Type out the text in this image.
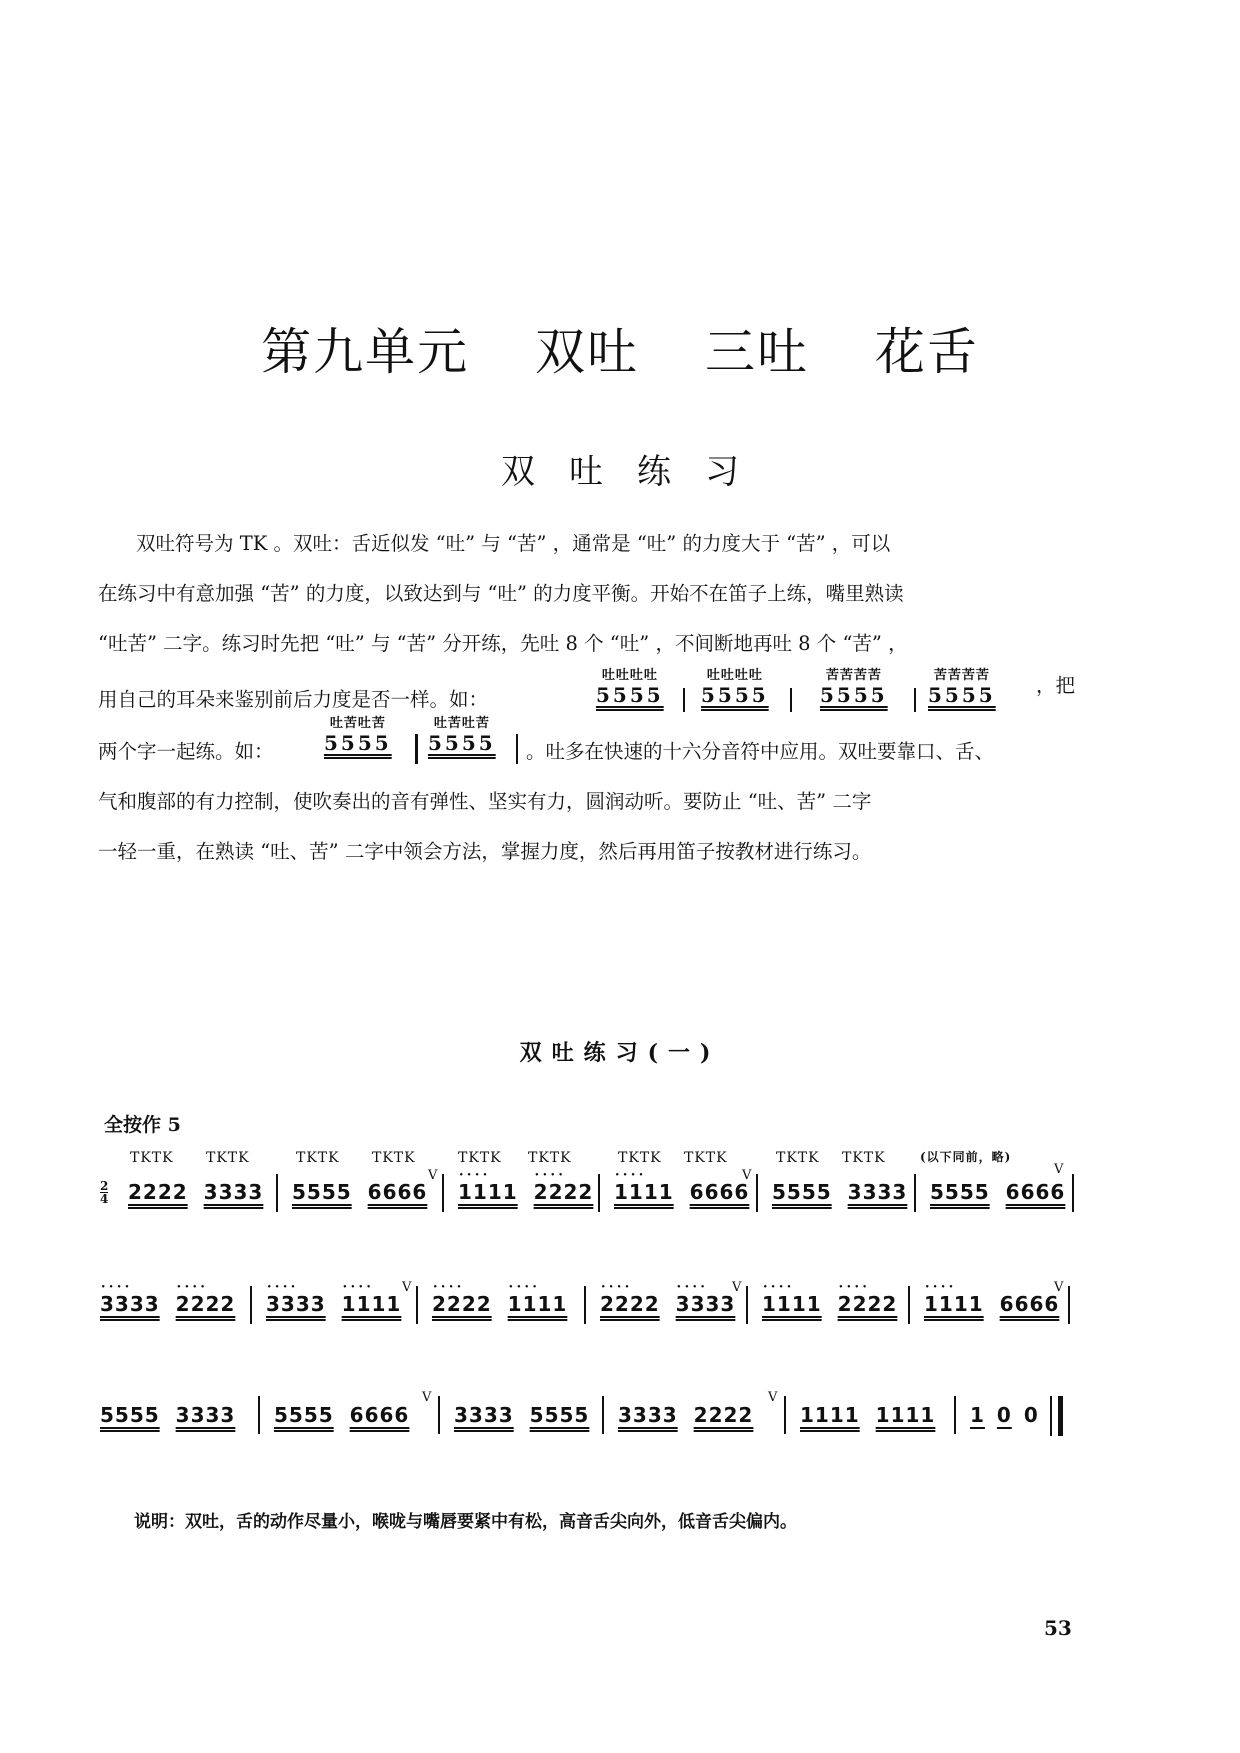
第九单元 双吐 三吐 花舌
双吐练习
双吐符号为 TK 。双吐：舌近似发 “吐” 与 “苦” ，通常是 “吐” 的力度大于 “苦” ，可以
在练习中有意加强 “苦” 的力度，以致达到与 “吐” 的力度平衡。开始不在笛子上练，嘴里熟读
“吐苦” 二字。练习时先把 “吐” 与 “苦” 分开练，先吐 8 个 “吐” ，不间断地再吐 8 个 “苦” ，
用自己的耳朵来鉴别前后力度是否一样。如：
吐吐吐吐
5555
吐吐吐吐
5555
苦苦苦苦
5555
苦苦苦苦
5555 ，把
两个字一起练。如：
吐苦吐苦
5555
吐苦吐苦
5555 。吐多在快速的十六分音符中应用。双吐要靠口、舌、
气和腹部的有力控制，使吹奏出的音有弹性、坚实有力，圆润动听。要防止 “吐、苦” 二字
一轻一重，在熟读 “吐、苦” 二字中领会方法，掌握力度，然后再用笛子按教材进行练习。
双吐练习(一)
全按作 5
TKTK TKTK	TKTK TKTK	TKTK TKTK	TKTK TKTK	TKTK TKTK	(以下同前，略)
2
4 2222 3333 5555 6666
V
• • • • 1111 • • • • 2222 • • • • 1111 6666
V
5555 3333 5555 6666
V
• • • • 3333 • • • • 2222 • • • • 3333 • • • • 1111
V
• • • • 2222 • • • • 1111 • • • • 2222 • • • • 3333
V
• • • • 1111 • • • • 2222 • • • • 1111 6666
V
5555 3333 5555 6666
V
3333 5555 3333 2222
V
1111 1111 1 0 0
说明：双吐，舌的动作尽量小，喉咙与嘴唇要紧中有松，高音舌尖向外，低音舌尖偏内。
53
